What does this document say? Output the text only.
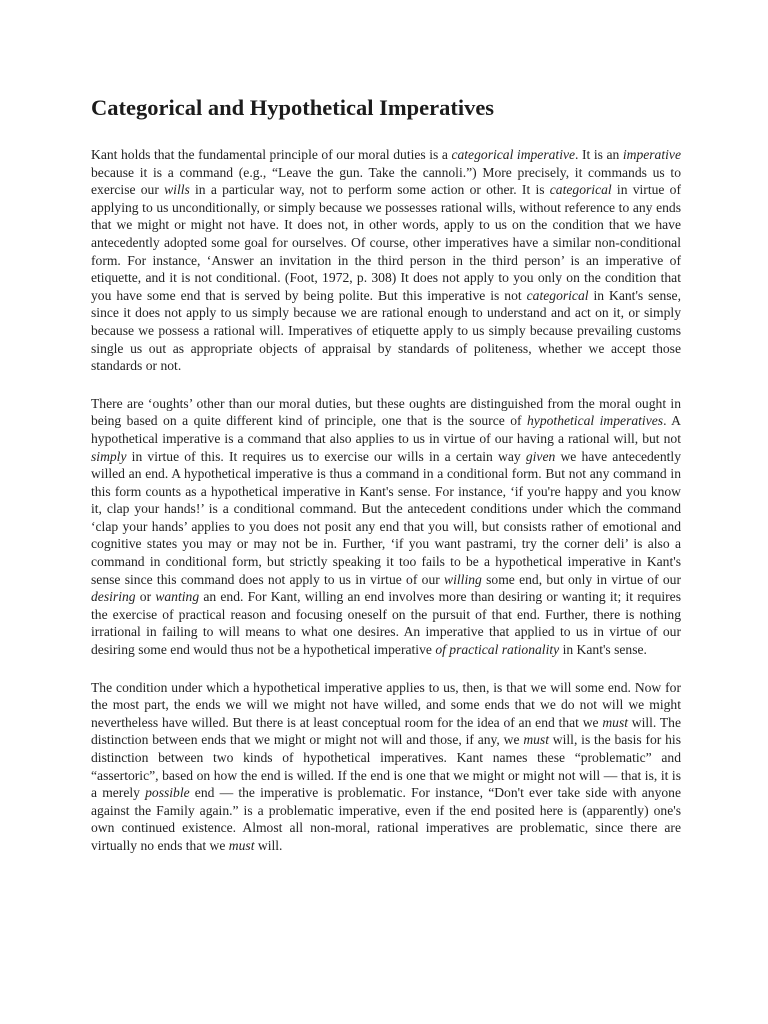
Categorical and Hypothetical Imperatives

Kant holds that the fundamental principle of our moral duties is a categorical imperative. It is an imperative because it is a command (e.g., “Leave the gun. Take the cannoli.”) More precisely, it commands us to exercise our wills in a particular way, not to perform some action or other. It is categorical in virtue of applying to us unconditionally, or simply because we possesses rational wills, without reference to any ends that we might or might not have. It does not, in other words, apply to us on the condition that we have antecedently adopted some goal for ourselves. Of course, other imperatives have a similar non-conditional form. For instance, ‘Answer an invitation in the third person in the third person’ is an imperative of etiquette, and it is not conditional. (Foot, 1972, p. 308) It does not apply to you only on the condition that you have some end that is served by being polite. But this imperative is not categorical in Kant's sense, since it does not apply to us simply because we are rational enough to understand and act on it, or simply because we possess a rational will. Imperatives of etiquette apply to us simply because prevailing customs single us out as appropriate objects of appraisal by standards of politeness, whether we accept those standards or not.

There are ‘oughts’ other than our moral duties, but these oughts are distinguished from the moral ought in being based on a quite different kind of principle, one that is the source of hypothetical imperatives. A hypothetical imperative is a command that also applies to us in virtue of our having a rational will, but not simply in virtue of this. It requires us to exercise our wills in a certain way given we have antecedently willed an end. A hypothetical imperative is thus a command in a conditional form. But not any command in this form counts as a hypothetical imperative in Kant's sense. For instance, ‘if you're happy and you know it, clap your hands!’ is a conditional command. But the antecedent conditions under which the command ‘clap your hands’ applies to you does not posit any end that you will, but consists rather of emotional and cognitive states you may or may not be in. Further, ‘if you want pastrami, try the corner deli’ is also a command in conditional form, but strictly speaking it too fails to be a hypothetical imperative in Kant's sense since this command does not apply to us in virtue of our willing some end, but only in virtue of our desiring or wanting an end. For Kant, willing an end involves more than desiring or wanting it; it requires the exercise of practical reason and focusing oneself on the pursuit of that end. Further, there is nothing irrational in failing to will means to what one desires. An imperative that applied to us in virtue of our desiring some end would thus not be a hypothetical imperative of practical rationality in Kant's sense.

The condition under which a hypothetical imperative applies to us, then, is that we will some end. Now for the most part, the ends we will we might not have willed, and some ends that we do not will we might nevertheless have willed. But there is at least conceptual room for the idea of an end that we must will. The distinction between ends that we might or might not will and those, if any, we must will, is the basis for his distinction between two kinds of hypothetical imperatives. Kant names these “problematic” and “assertoric”, based on how the end is willed. If the end is one that we might or might not will — that is, it is a merely possible end — the imperative is problematic. For instance, “Don't ever take side with anyone against the Family again.” is a problematic imperative, even if the end posited here is (apparently) one's own continued existence. Almost all non-moral, rational imperatives are problematic, since there are virtually no ends that we must will.
